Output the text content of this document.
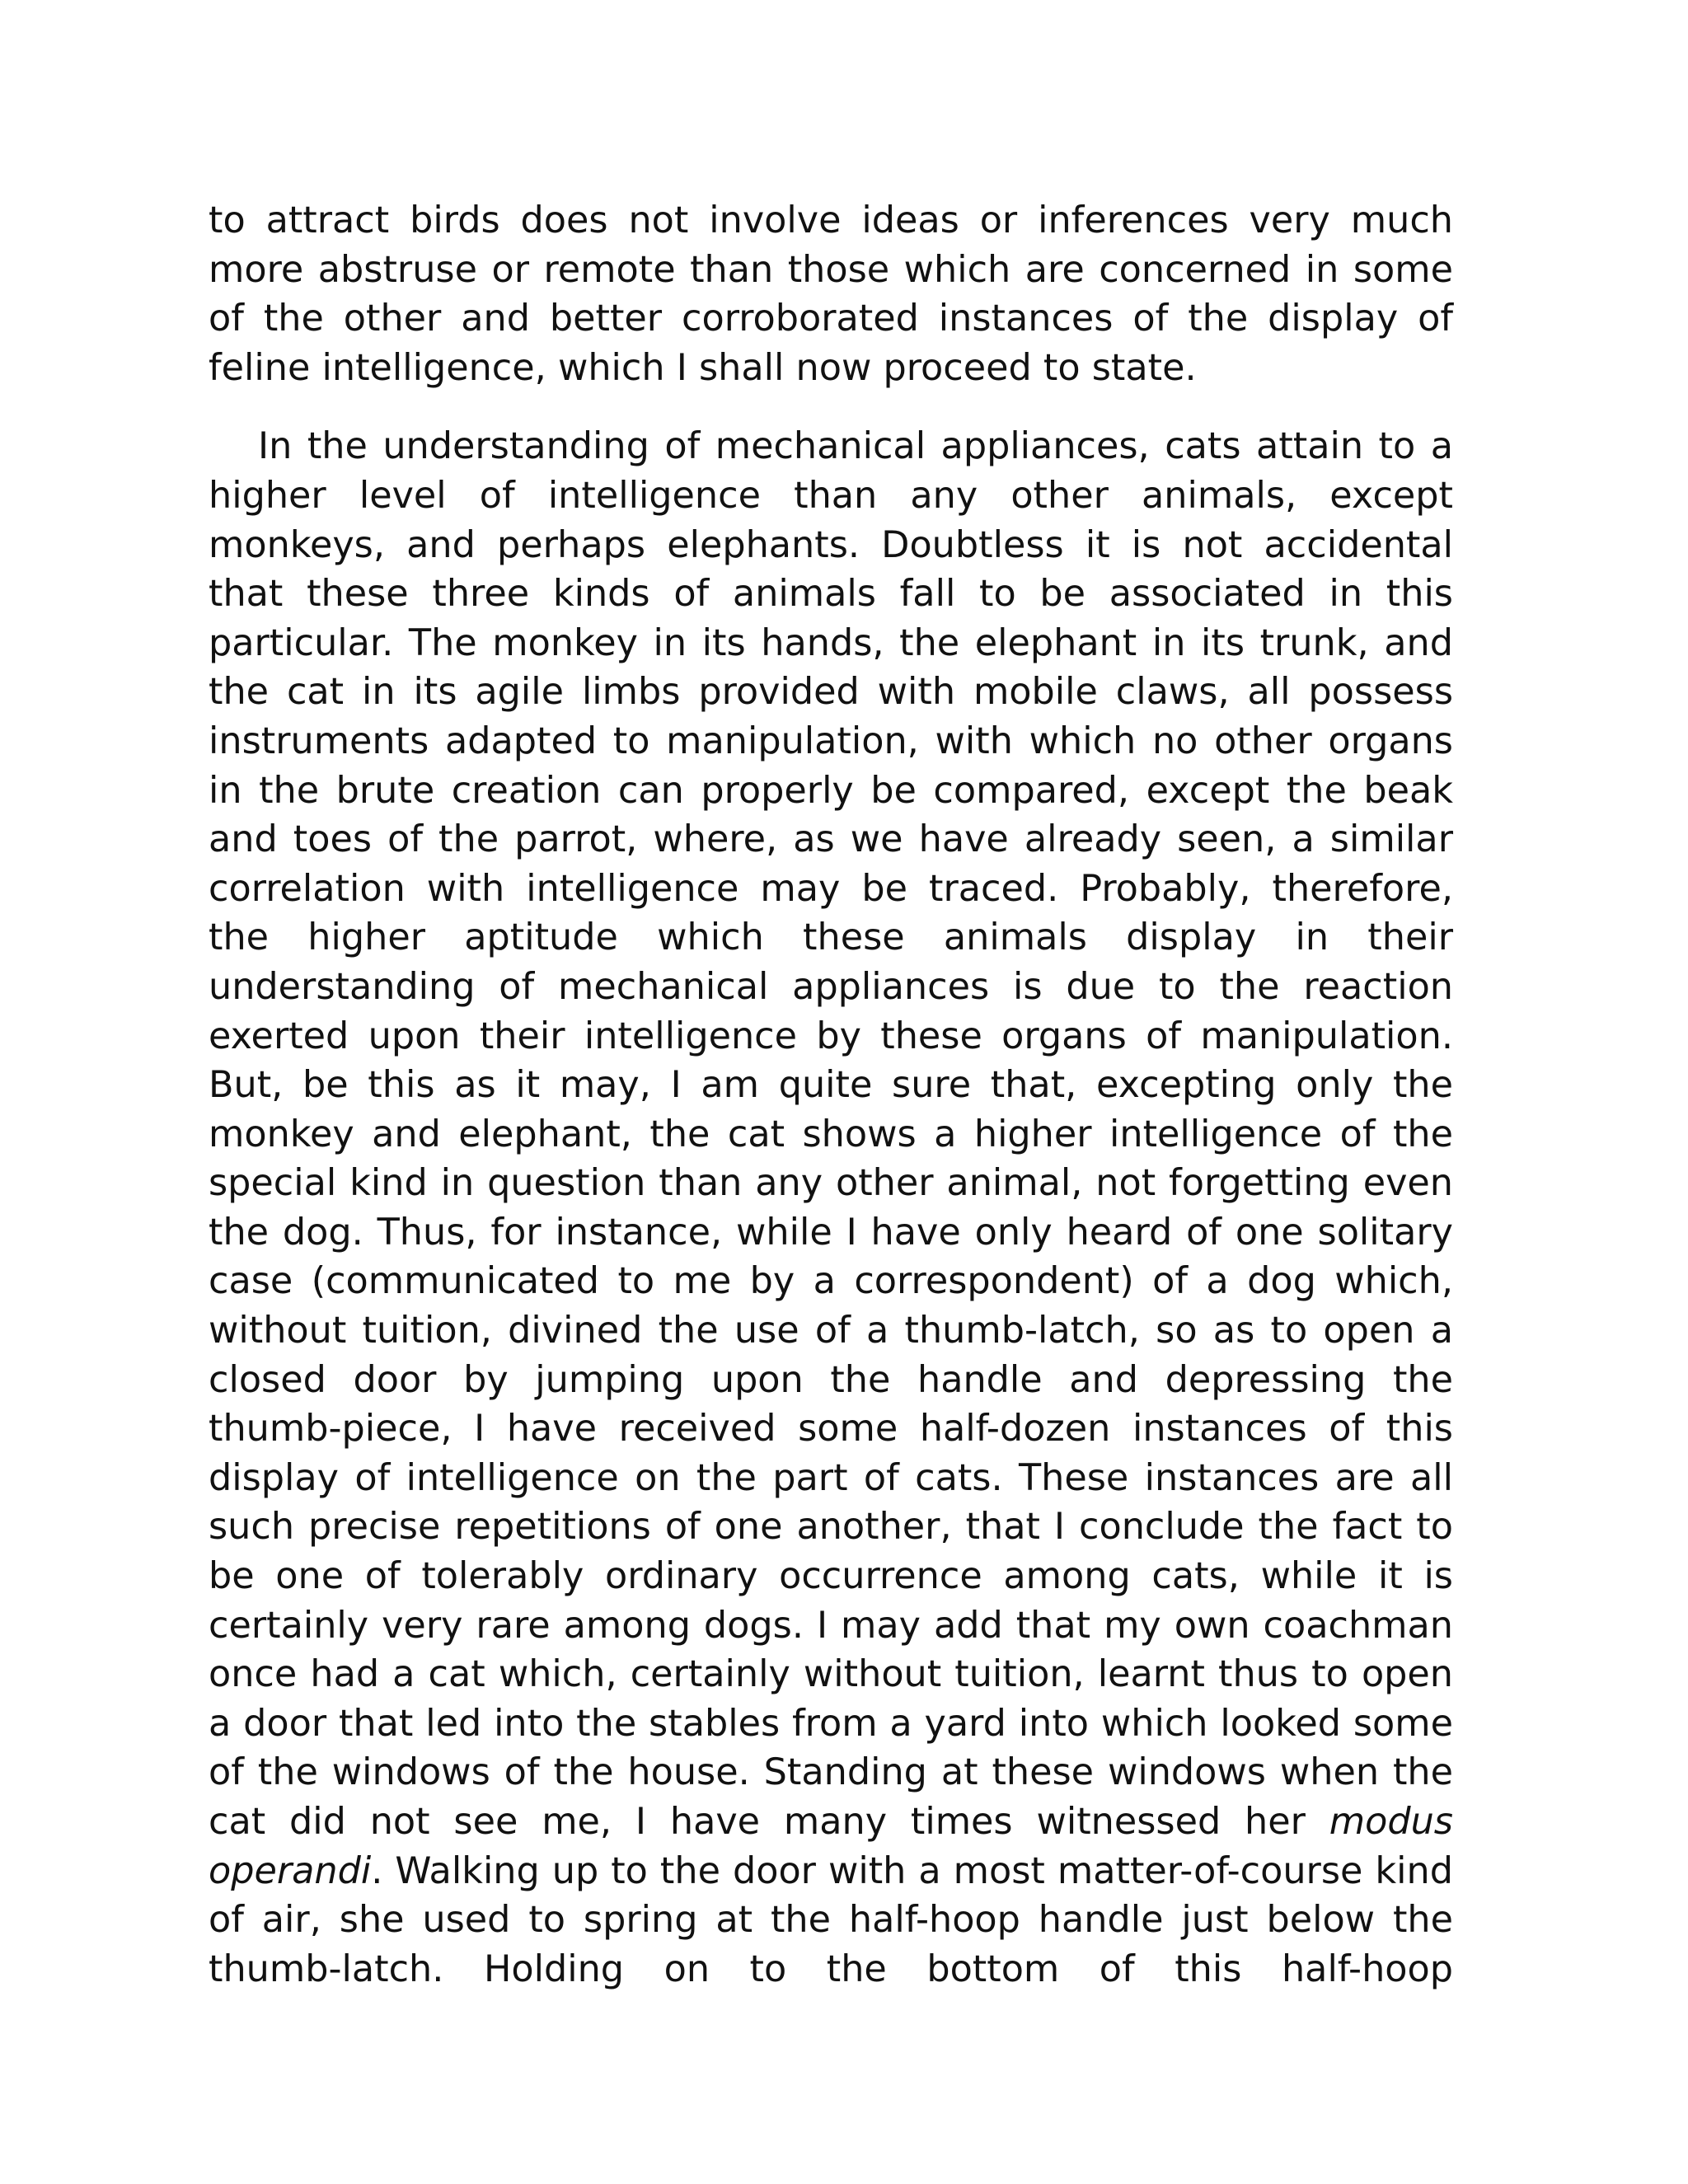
to attract birds does not involve ideas or inferences very much more abstruse or remote than those which are concerned in some of the other and better corroborated instances of the display of feline intelligence, which I shall now proceed to state.

In the understanding of mechanical appliances, cats attain to a higher level of intelligence than any other animals, except monkeys, and perhaps elephants. Doubtless it is not accidental that these three kinds of animals fall to be associated in this particular. The monkey in its hands, the elephant in its trunk, and the cat in its agile limbs provided with mobile claws, all possess instruments adapted to manipulation, with which no other organs in the brute creation can properly be compared, except the beak and toes of the parrot, where, as we have already seen, a similar correlation with intelligence may be traced. Probably, therefore, the higher aptitude which these animals display in their understanding of mechanical appliances is due to the reaction exerted upon their intelligence by these organs of manipulation. But, be this as it may, I am quite sure that, excepting only the monkey and elephant, the cat shows a higher intelligence of the special kind in question than any other animal, not forgetting even the dog. Thus, for instance, while I have only heard of one solitary case (communicated to me by a correspondent) of a dog which, without tuition, divined the use of a thumb-latch, so as to open a closed door by jumping upon the handle and depressing the thumb-piece, I have received some half-dozen instances of this display of intelligence on the part of cats. These instances are all such precise repetitions of one another, that I conclude the fact to be one of tolerably ordinary occurrence among cats, while it is certainly very rare among dogs. I may add that my own coachman once had a cat which, certainly without tuition, learnt thus to open a door that led into the stables from a yard into which looked some of the windows of the house. Standing at these windows when the cat did not see me, I have many times witnessed her modus operandi. Walking up to the door with a most matter-of-course kind of air, she used to spring at the half-hoop handle just below the thumb-latch. Holding on to the bottom of this half-hoop
